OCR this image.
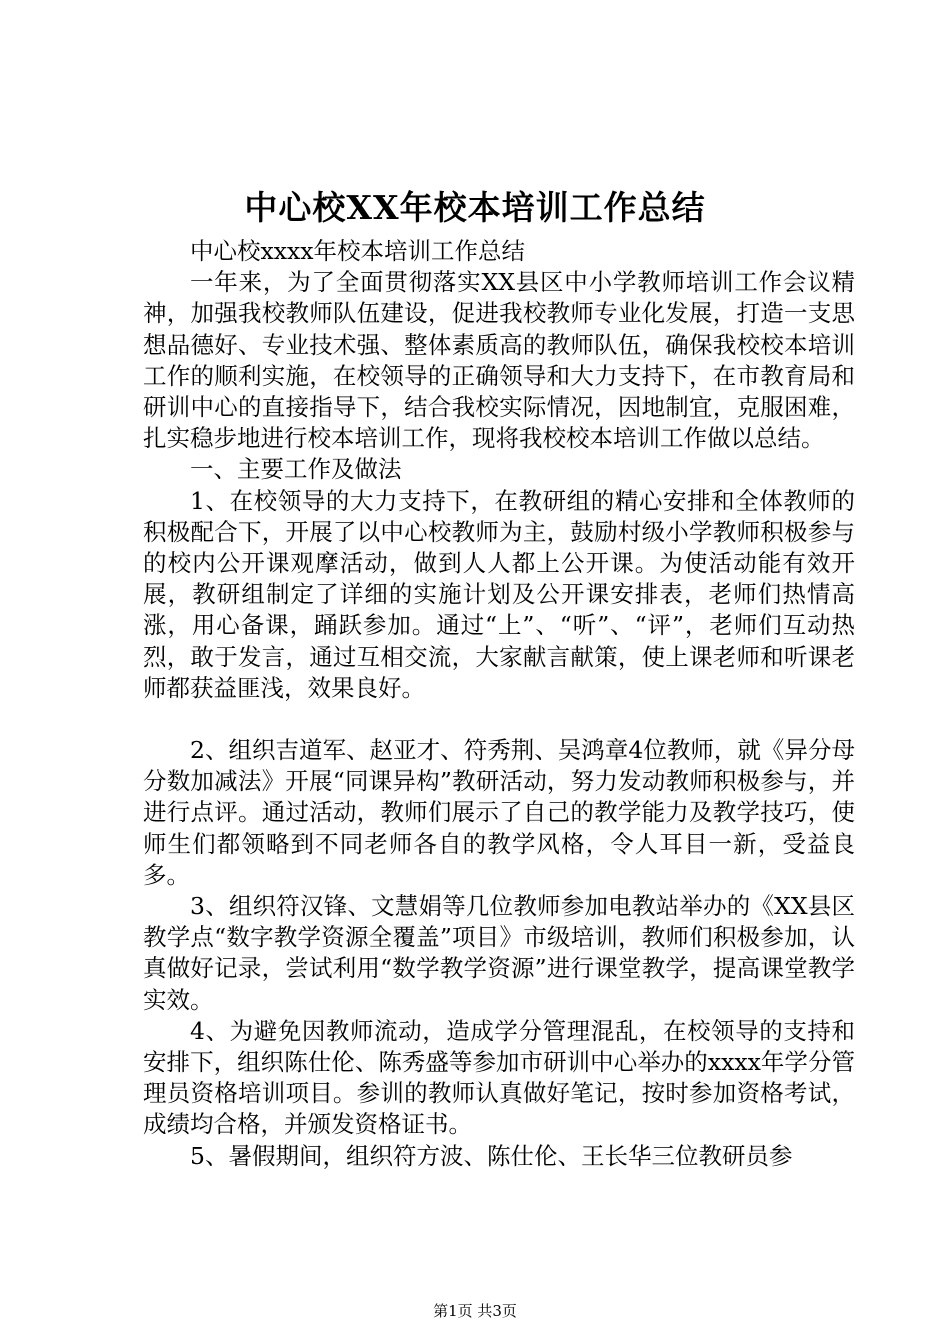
中心校XX年校本培训工作总结

中心校xxxx年校本培训工作总结

一年来，为了全面贯彻落实XX县区中小学教师培训工作会议精神，加强我校教师队伍建设，促进我校教师专业化发展，打造一支思想品德好、专业技术强、整体素质高的教师队伍，确保我校校本培训工作的顺利实施，在校领导的正确领导和大力支持下，在市教育局和研训中心的直接指导下，结合我校实际情况，因地制宜，克服困难，扎实稳步地进行校本培训工作，现将我校校本培训工作做以总结。

一、主要工作及做法

1、在校领导的大力支持下，在教研组的精心安排和全体教师的积极配合下，开展了以中心校教师为主，鼓励村级小学教师积极参与的校内公开课观摩活动，做到人人都上公开课。为使活动能有效开展，教研组制定了详细的实施计划及公开课安排表，老师们热情高涨，用心备课，踊跃参加。通过“上”、“听”、“评”，老师们互动热烈，敢于发言，通过互相交流，大家献言献策，使上课老师和听课老师都获益匪浅，效果良好。

2、组织吉道军、赵亚才、符秀荆、吴鸿章4位教师，就《异分母分数加减法》开展“同课异构”教研活动，努力发动教师积极参与，并进行点评。通过活动，教师们展示了自己的教学能力及教学技巧，使师生们都领略到不同老师各自的教学风格，令人耳目一新，受益良多。

3、组织符汉锋、文慧娟等几位教师参加电教站举办的《XX县区教学点“数字教学资源全覆盖”项目》市级培训，教师们积极参加，认真做好记录，尝试利用“数学教学资源”进行课堂教学，提高课堂教学实效。

4、为避免因教师流动，造成学分管理混乱，在校领导的支持和安排下，组织陈仕伦、陈秀盛等参加市研训中心举办的xxxx年学分管理员资格培训项目。参训的教师认真做好笔记，按时参加资格考试，成绩均合格，并颁发资格证书。

5、暑假期间，组织符方波、陈仕伦、王长华三位教研员参

第1页 共3页
